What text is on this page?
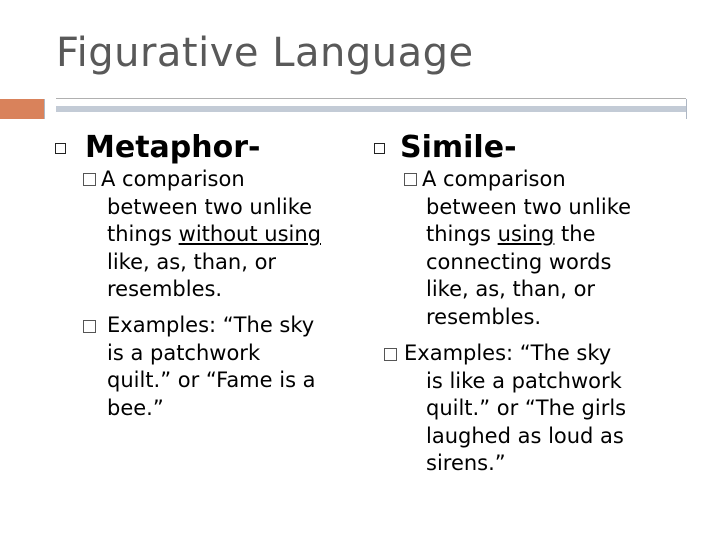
Figurative Language
Metaphor-
A comparison
between two unlike
things without using
like, as, than, or
resembles.
Examples: “The sky
is a patchwork
quilt.” or “Fame is a
bee.”
Simile-
A comparison
between two unlike
things using the
connecting words
like, as, than, or
resembles.
Examples: “The sky
is like a patchwork
quilt.” or “The girls
laughed as loud as
sirens.”
